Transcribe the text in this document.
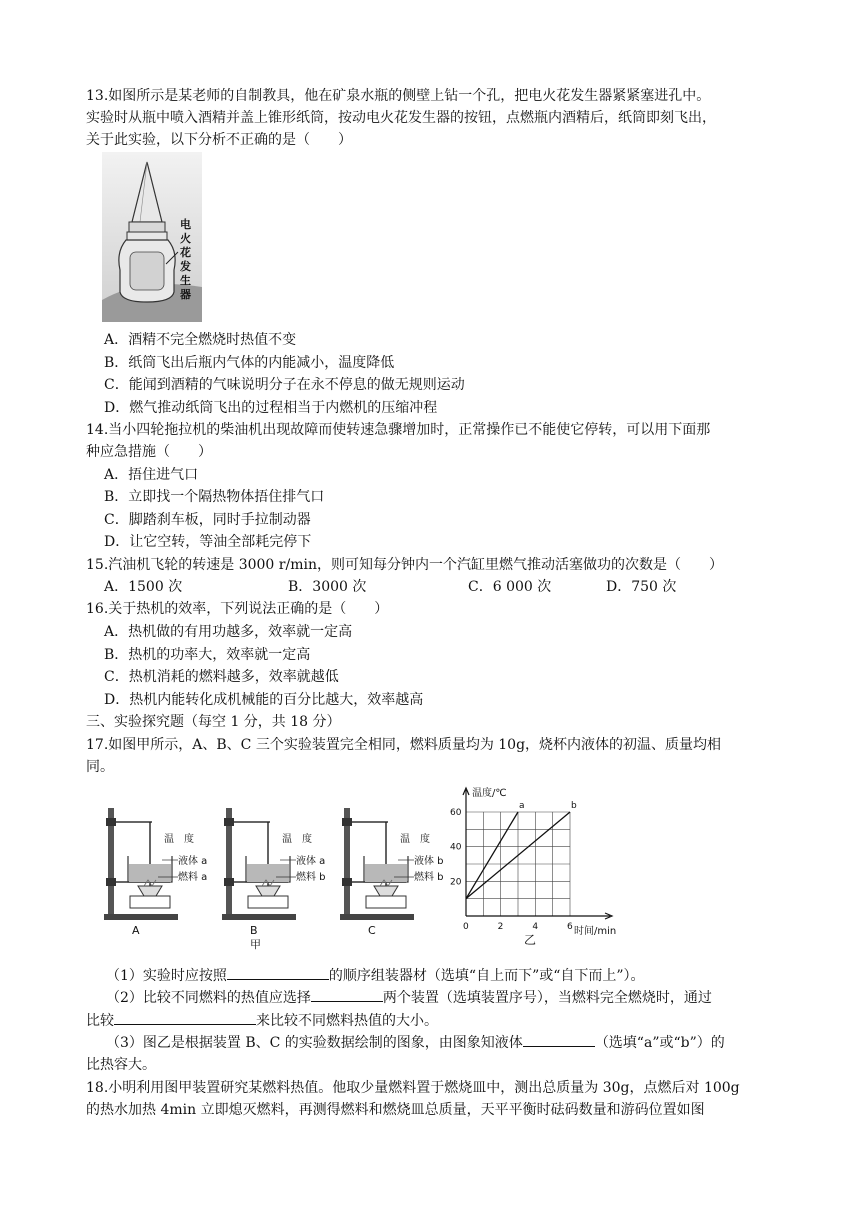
13.如图所示是某老师的自制教具，他在矿泉水瓶的侧壁上钻一个孔，把电火花发生器紧紧塞进孔中。
实验时从瓶中喷入酒精并盖上锥形纸筒，按动电火花发生器的按钮，点燃瓶内酒精后，纸筒即刻飞出，
关于此实验，以下分析不正确的是（　　）
电
火
花
发
生
器
A．酒精不完全燃烧时热值不变
B．纸筒飞出后瓶内气体的内能减小，温度降低
C．能闻到酒精的气味说明分子在永不停息的做无规则运动
D．燃气推动纸筒飞出的过程相当于内燃机的压缩冲程
14.当小四轮拖拉机的柴油机出现故障而使转速急骤增加时，正常操作已不能使它停转，可以用下面那
种应急措施（　　）
A．捂住进气口
B．立即找一个隔热物体捂住排气口
C．脚踏刹车板，同时手拉制动器
D．让它空转，等油全部耗完停下
15.汽油机飞轮的转速是 3000 r/min，则可知每分钟内一个汽缸里燃气推动活塞做功的次数是（　　）
A．1500 次	B．3000 次	C．6 000 次	D．750 次
16.关于热机的效率，下列说法正确的是（　　）
A．热机做的有用功越多，效率就一定高
B．热机的功率大，效率就一定高
C．热机消耗的燃料越多，效率就越低
D．热机内能转化成机械能的百分比越大，效率越高
三、实验探究题（每空 1 分，共 18 分）
17.如图甲所示，A、B、C 三个实验装置完全相同，燃料质量均为 10g，烧杯内液体的初温、质量均相
同。
温　度
液体 a
燃料 a
A
温　度
液体 a
燃料 b
B
甲
温　度
液体 b
燃料 b
C
温度/℃
时间/min
乙
0	2	4	6
20
40
60
a	b
（1）实验时应按照	的顺序组装器材（选填“自上而下”或“自下而上”）。
（2）比较不同燃料的热值应选择	两个装置（选填装置序号），当燃料完全燃烧时，通过
比较	来比较不同燃料热值的大小。
（3）图乙是根据装置 B、C 的实验数据绘制的图象，由图象知液体	（选填“a”或“b”）的
比热容大。
18.小明利用图甲装置研究某燃料热值。他取少量燃料置于燃烧皿中，测出总质量为 30g，点燃后对 100g
的热水加热 4min 立即熄灭燃料，再测得燃料和燃烧皿总质量，天平平衡时砝码数量和游码位置如图
